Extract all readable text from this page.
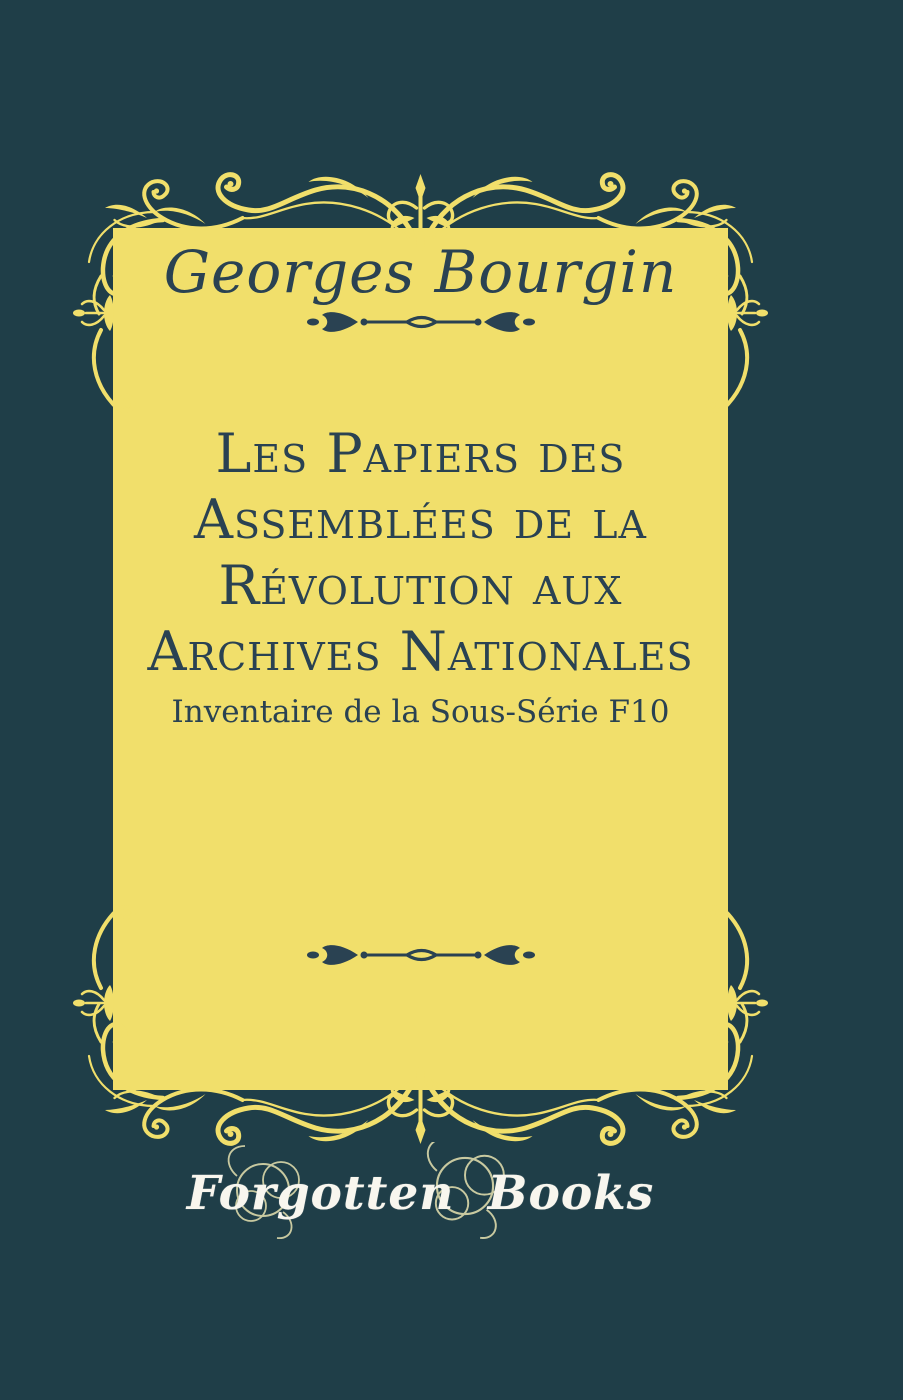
Georges Bourgin
Les Papiers des
Assemblées de la
Révolution aux
Archives Nationales
Inventaire de la Sous-Série F10
Forgotten Books
